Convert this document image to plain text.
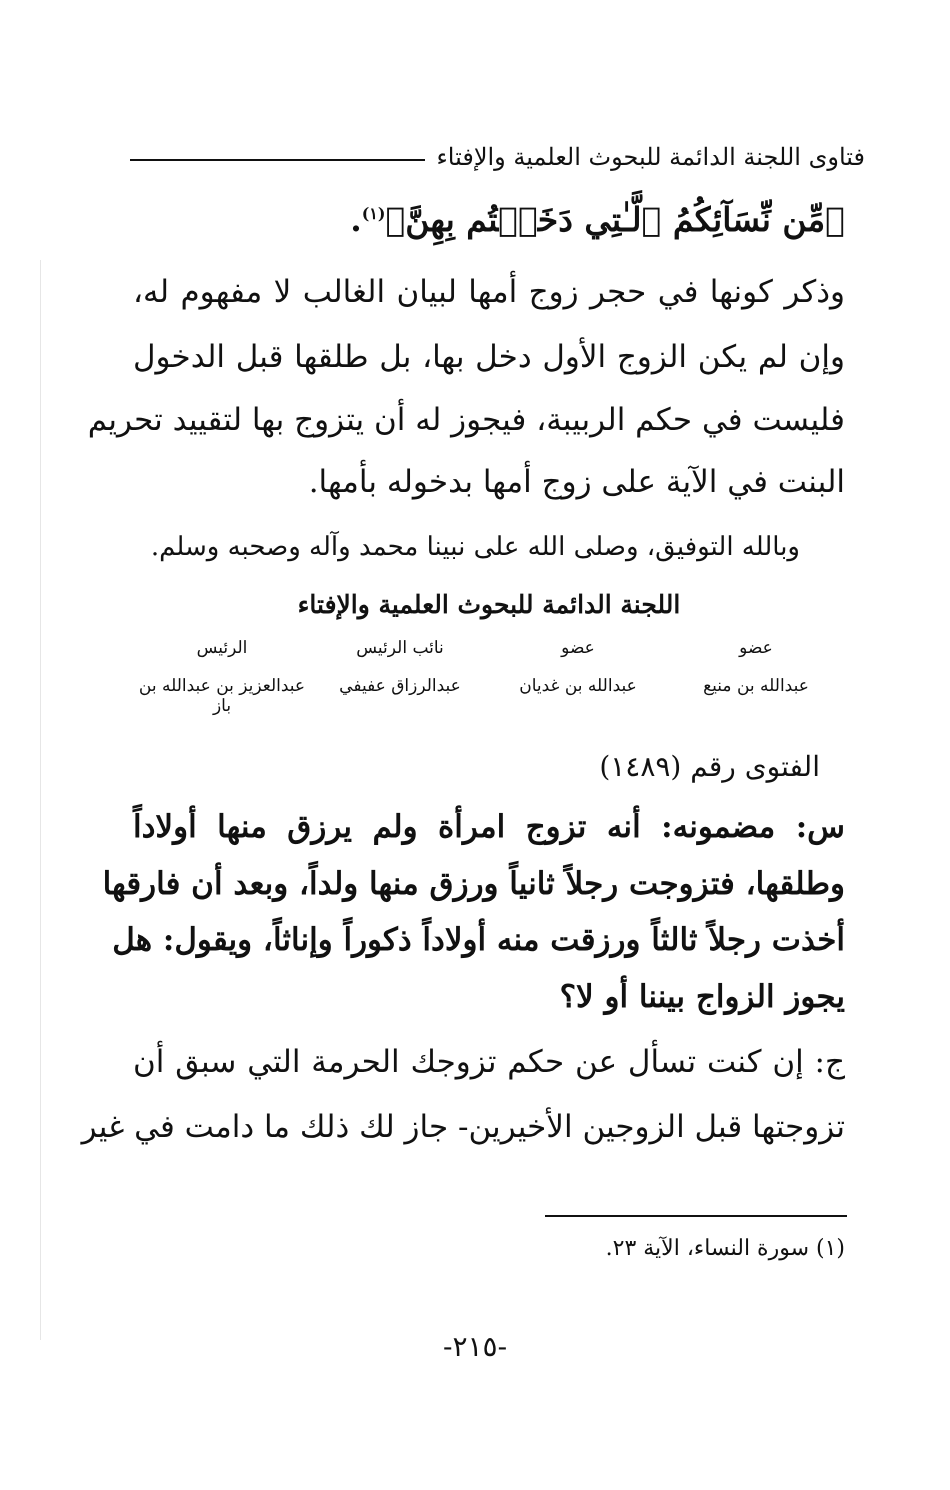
فتاوى اللجنة الدائمة للبحوث العلمية والإفتاء
﴿مِّن نِّسَآئِكُمُ ٱلَّـٰتِي دَخَلۡتُم بِهِنَّ﴾$^{(١)}$.
وذكر كونها في حجر زوج أمها لبيان الغالب لا مفهوم له،
وإن لم يكن الزوج الأول دخل بها، بل طلقها قبل الدخول
فليست في حكم الربيبة، فيجوز له أن يتزوج بها لتقييد تحريم
البنت في الآية على زوج أمها بدخوله بأمها.
وبالله التوفيق، وصلى الله على نبينا محمد وآله وصحبه وسلم.
اللجنة الدائمة للبحوث العلمية والإفتاء
عضو
عضو
نائب الرئيس
الرئيس
عبدالله بن منيع
عبدالله بن غديان
عبدالرزاق عفيفي
عبدالعزيز بن عبدالله بن باز
الفتوى رقم (١٤٨٩)
س: مضمونه: أنه تزوج امرأة ولم يرزق منها أولاداً
وطلقها، فتزوجت رجلاً ثانياً ورزق منها ولداً، وبعد أن فارقها
أخذت رجلاً ثالثاً ورزقت منه أولاداً ذكوراً وإناثاً، ويقول: هل
يجوز الزواج بيننا أو لا؟
ج: إن كنت تسأل عن حكم تزوجك الحرمة التي سبق أن
تزوجتها قبل الزوجين الأخيرين- جاز لك ذلك ما دامت في غير
(١) سورة النساء، الآية ٢٣.
-٢١٥-
